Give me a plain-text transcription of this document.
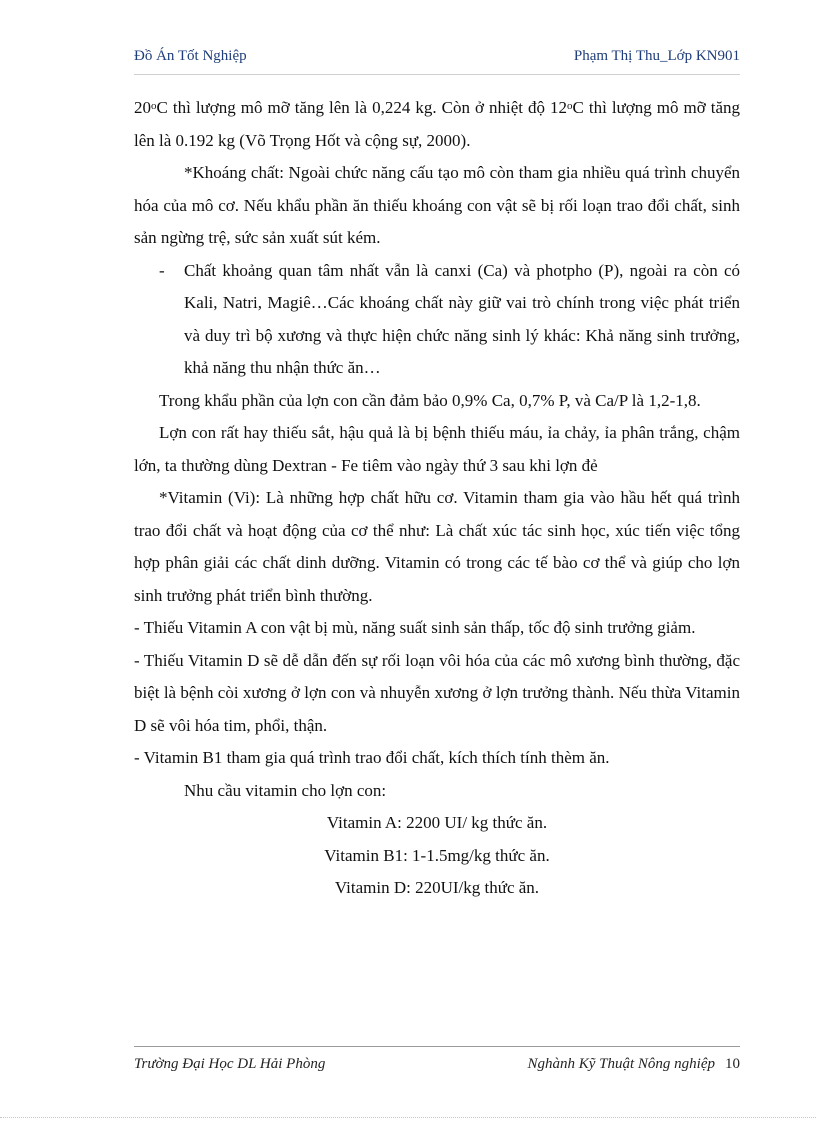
Đồ Án Tốt Nghiệp	Phạm Thị Thu_Lớp KN901

20$^o$C thì lượng mô mỡ tăng lên là 0,224 kg. Còn ở nhiệt độ 12$^o$C thì lượng mô mỡ tăng lên là 0.192 kg (Võ Trọng Hốt và cộng sự, 2000).

*Khoáng chất: Ngoài chức năng cấu tạo mô còn tham gia nhiều quá trình chuyển hóa của mô cơ. Nếu khẩu phần ăn thiếu khoáng con vật sẽ bị rối loạn trao đổi chất, sinh sản ngừng trệ, sức sản xuất sút kém.

- Chất khoảng quan tâm nhất vẫn là canxi (Ca) và photpho (P), ngoài ra còn có Kali, Natri, Magiê…Các khoáng chất này giữ vai trò chính trong việc phát triển và duy trì bộ xương và thực hiện chức năng sinh lý khác: Khả năng sinh trưởng, khả năng thu nhận thức ăn…

Trong khẩu phần của lợn con cần đảm bảo 0,9% Ca, 0,7% P, và Ca/P là 1,2-1,8.

Lợn con rất hay thiếu sắt, hậu quả là bị bệnh thiếu máu, ỉa chảy, ỉa phân trắng, chậm lớn, ta thường dùng Dextran - Fe tiêm vào ngày thứ 3 sau khi lợn đẻ

*Vitamin (Vi): Là những hợp chất hữu cơ. Vitamin tham gia vào hầu hết quá trình trao đổi chất và hoạt động của cơ thể như: Là chất xúc tác sinh học, xúc tiến việc tổng hợp phân giải các chất dinh dưỡng. Vitamin có trong các tế bào cơ thể và giúp cho lợn sinh trưởng phát triển bình thường.

- Thiếu Vitamin A con vật bị mù, năng suất sinh sản thấp, tốc độ sinh trưởng giảm.

- Thiếu Vitamin D sẽ dễ dẫn đến sự rối loạn vôi hóa của các mô xương bình thường, đặc biệt là bệnh còi xương ở lợn con và nhuyễn xương ở lợn trưởng thành. Nếu thừa Vitamin D sẽ vôi hóa tim, phổi, thận.

- Vitamin B1 tham gia quá trình trao đổi chất, kích thích tính thèm ăn.

Nhu cầu vitamin cho lợn con:

Vitamin A: 2200 UI/ kg thức ăn.

Vitamin B1: 1-1.5mg/kg thức ăn.

Vitamin D: 220UI/kg thức ăn.

Trường Đại Học DL Hải Phòng	Nghành Kỹ Thuật Nông nghiệp 10
